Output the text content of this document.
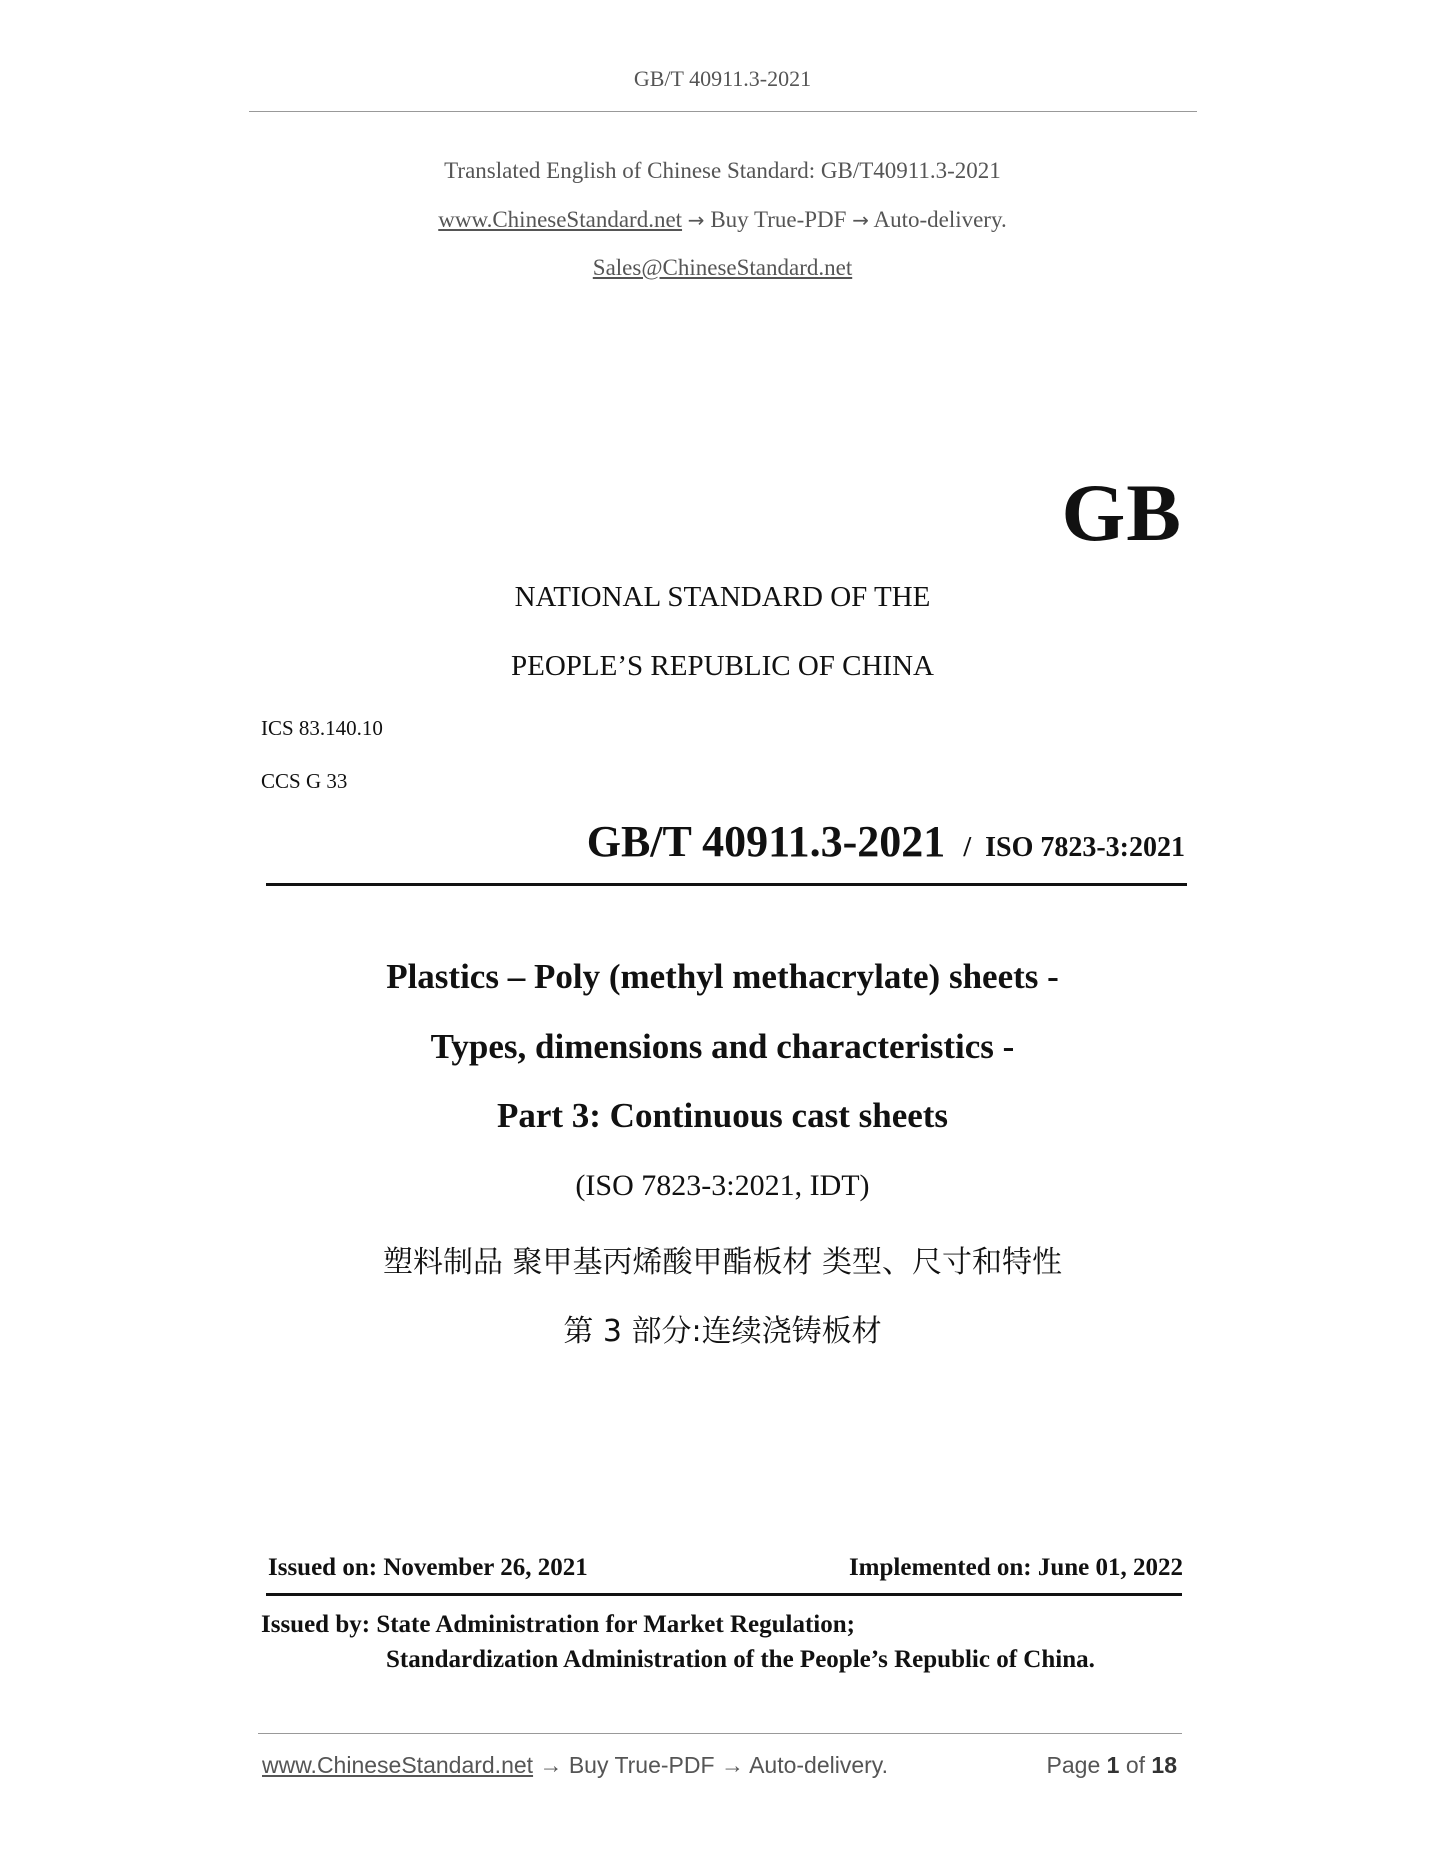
GB/T 40911.3-2021
Translated English of Chinese Standard: GB/T40911.3-2021
www.ChineseStandard.net → Buy True-PDF → Auto-delivery.
Sales@ChineseStandard.net
GB
NATIONAL STANDARD OF THE
PEOPLE’S REPUBLIC OF CHINA
ICS 83.140.10
CCS G 33
GB/T 40911.3-2021 / ISO 7823-3:2021
Plastics – Poly (methyl methacrylate) sheets -
Types, dimensions and characteristics -
Part 3: Continuous cast sheets
(ISO 7823-3:2021, IDT)
塑料制品 聚甲基丙烯酸甲酯板材 类型、尺寸和特性
第 3 部分:连续浇铸板材
Issued on: November 26, 2021	Implemented on: June 01, 2022
Issued by: State Administration for Market Regulation;
Standardization Administration of the People’s Republic of China.
www.ChineseStandard.net → Buy True-PDF → Auto-delivery.	Page 1 of 18
